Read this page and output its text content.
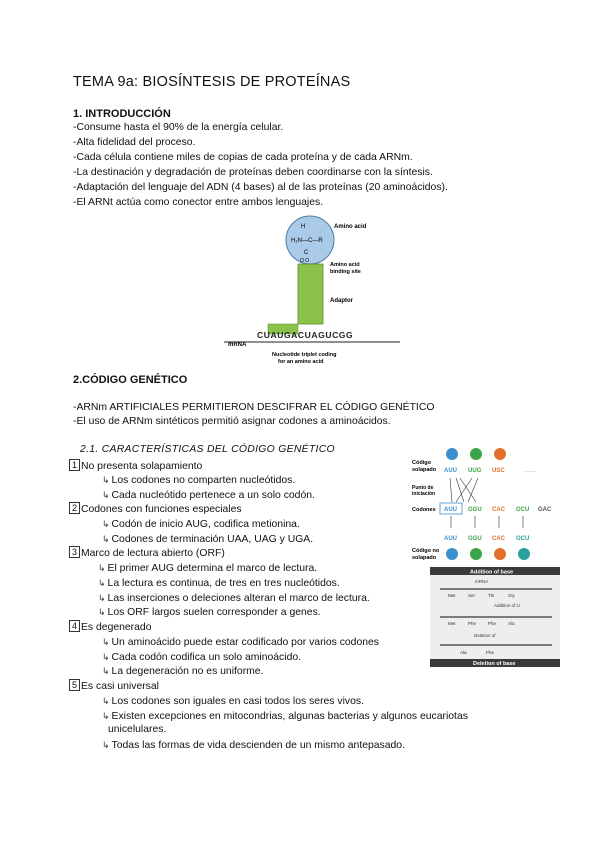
TEMA 9a: BIOSÍNTESIS DE PROTEÍNAS
1. INTRODUCCIÓN
-Consume hasta el 90% de la energía celular.
-Alta fidelidad del proceso.
-Cada célula contiene miles de copias de cada proteína y de cada ARNm.
-La destinación y degradación de proteínas deben coordinarse con la síntesis.
-Adaptación del lenguaje del ADN (4 bases) al de las proteínas (20 aminoácidos).
-El ARNt actúa como conector entre ambos lenguajes.
H
H₂N—C—R
C
O O
Amino acid
Amino acid
binding site
Adaptor
mRNA
CUAUGACUAGUCGG
Nucleotide triplet coding
for an amino acid
2.CÓDIGO GENÉTICO
-ARNm ARTIFICIALES PERMITIERON DESCIFRAR EL CÓDIGO GENÉTICO
-El uso de ARNm sintéticos permitió asignar codones a aminoácidos.
2.1. CARACTERÍSTICAS DEL CÓDIGO GENÉTICO
1 No presenta solapamiento
↳ Los codones no comparten nucleótidos.
↳ Cada nucleótido pertenece a un solo codón.
2 Codones con funciones especiales
↳ Codón de inicio AUG, codifica metionina.
↳ Codones de terminación UAA, UAG y UGA.
3 Marco de lectura abierto (ORF)
↳ El primer AUG determina el marco de lectura.
↳ La lectura es continua, de tres en tres nucleótidos.
↳ Las inserciones o deleciones alteran el marco de lectura.
↳ Los ORF largos suelen corresponder a genes.
4 Es degenerado
↳ Un aminoácido puede estar codificado por varios codones
↳ Cada codón codifica un solo aminoácido.
↳ La degeneración no es uniforme.
5 Es casi universal
↳ Los codones son iguales en casi todos los seres vivos.
↳ Existen excepciones en mitocondrias, algunas bacterias y algunos eucariotas
unicelulares.
↳ Todas las formas de vida descienden de un mismo antepasado.
Código
solapado AUU UUG USC	.........
Punto de
iniciación
Codones AUU GGU CAC GCU GAC
AUU GGU CAC GCU
Código no
solapado
Addition of base
Deletion of base
mRNA
Met	Ser	Thr	Gly
Addition of U
Met	Phe	Phe	Ala
Deletion of
Ala	Phe
